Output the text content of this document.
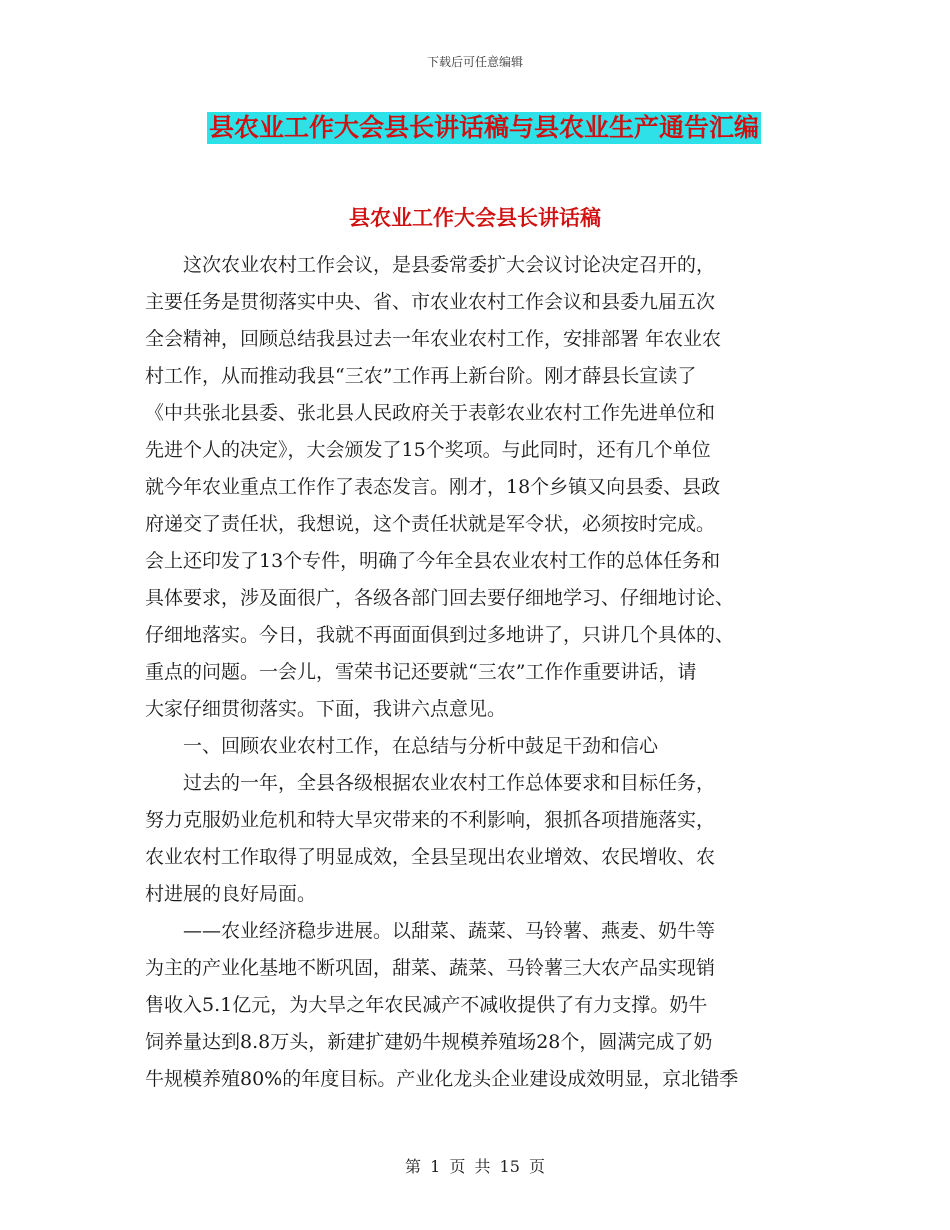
下载后可任意编辑
县农业工作大会县长讲话稿与县农业生产通告汇编
县农业工作大会县长讲话稿
　　这次农业农村工作会议，是县委常委扩大会议讨论决定召开的，
主要任务是贯彻落实中央、省、市农业农村工作会议和县委九届五次
全会精神，回顾总结我县过去一年农业农村工作，安排部署 年农业农
村工作，从而推动我县“三农”工作再上新台阶。刚才薛县长宣读了
《中共张北县委、张北县人民政府关于表彰农业农村工作先进单位和
先进个人的决定》，大会颁发了15个奖项。与此同时，还有几个单位
就今年农业重点工作作了表态发言。刚才，18个乡镇又向县委、县政
府递交了责任状，我想说，这个责任状就是军令状，必须按时完成。
会上还印发了13个专件，明确了今年全县农业农村工作的总体任务和
具体要求，涉及面很广，各级各部门回去要仔细地学习、仔细地讨论、
仔细地落实。今日，我就不再面面俱到过多地讲了，只讲几个具体的、
重点的问题。一会儿，雪荣书记还要就“三农”工作作重要讲话，请
大家仔细贯彻落实。下面，我讲六点意见。
　　一、回顾农业农村工作，在总结与分析中鼓足干劲和信心
　　过去的一年，全县各级根据农业农村工作总体要求和目标任务，
努力克服奶业危机和特大旱灾带来的不利影响，狠抓各项措施落实，
农业农村工作取得了明显成效，全县呈现出农业增效、农民增收、农
村进展的良好局面。
　　——农业经济稳步进展。以甜菜、蔬菜、马铃薯、燕麦、奶牛等
为主的产业化基地不断巩固，甜菜、蔬菜、马铃薯三大农产品实现销
售收入5.1亿元，为大旱之年农民减产不减收提供了有力支撑。奶牛
饲养量达到8.8万头，新建扩建奶牛规模养殖场28个，圆满完成了奶
牛规模养殖80%的年度目标。产业化龙头企业建设成效明显，京北错季
第 1 页 共 15 页
